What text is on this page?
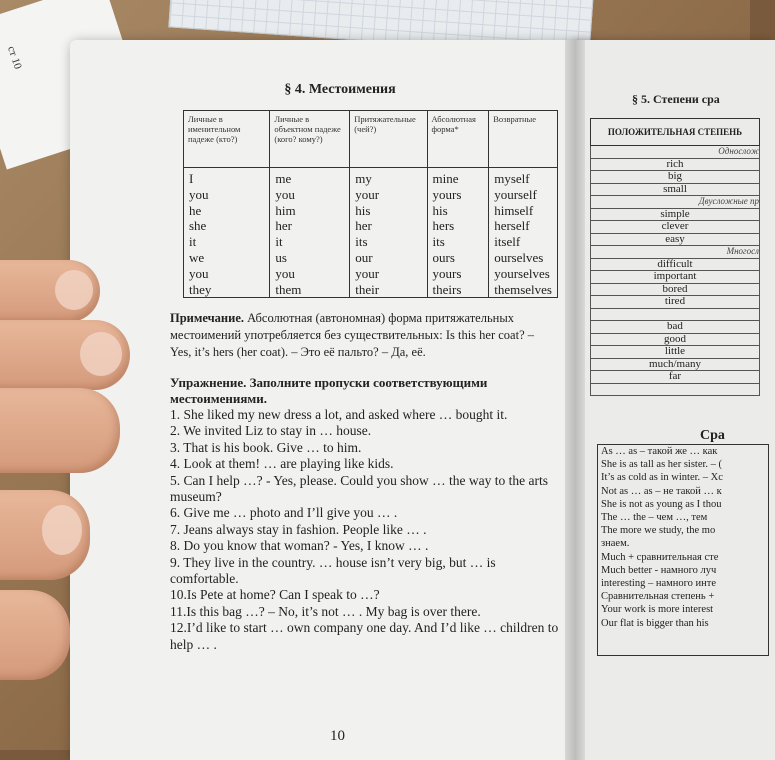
ст 10
§ 4. Местоимения
Личные в именительном падеже (кто?)	Личные в объектном падеже (кого? кому?)	Притяжательные (чей?)	Абсолютная форма*	Возвратные
I	me	my	mine	myself
you	you	your	yours	yourself
he	him	his	his	himself
she	her	her	hers	herself
it	it	its	its	itself
we	us	our	ours	ourselves
you	you	your	yours	yourselves
they	them	their	theirs	themselves
Примечание. Абсолютная (автономная) форма притяжательных местоимений употребляется без существительных: Is this her coat? – Yes, it’s hers (her coat). – Это её пальто? – Да, её.
Упражнение. Заполните пропуски соответствующими местоимениями.
1. She liked my new dress a lot, and asked where … bought it.
2. We invited Liz to stay in … house.
3. That is his book. Give … to him.
4. Look at them! … are playing like kids.
5. Can I help …? - Yes, please. Could you show … the way to the arts museum?
6. Give me … photo and I’ll give you … .
7. Jeans always stay in fashion. People like … .
8. Do you know that woman? - Yes, I know … .
9. They live in the country. … house isn’t very big, but … is comfortable.
10.Is Pete at home? Can I speak to …?
11.Is this bag …? – No, it’s not … . My bag is over there.
12.I’d like to start … own company one day. And I’d like … children to help … .
10
§ 5. Степени сра
ПОЛОЖИТЕЛЬНАЯ СТЕПЕНЬ
Однослож
rich
big
small
Двусложные пр
simple
clever
easy
Многосл
difficult
important
bored
tired

bad
good
little
much/many
far

Сра
As … as – такой же … как
She is as tall as her sister. – (
It’s as cold as in winter. – Xc
Not as … as – не такой … к
She is not as young as I thou
The … the – чем …, тем
The more we study, the mo
знаем.
Much + сравнительная сте
Much better - намного луч
interesting – намного инте
Сравнительная степень +
Your work is more interest
Our flat is bigger than his
